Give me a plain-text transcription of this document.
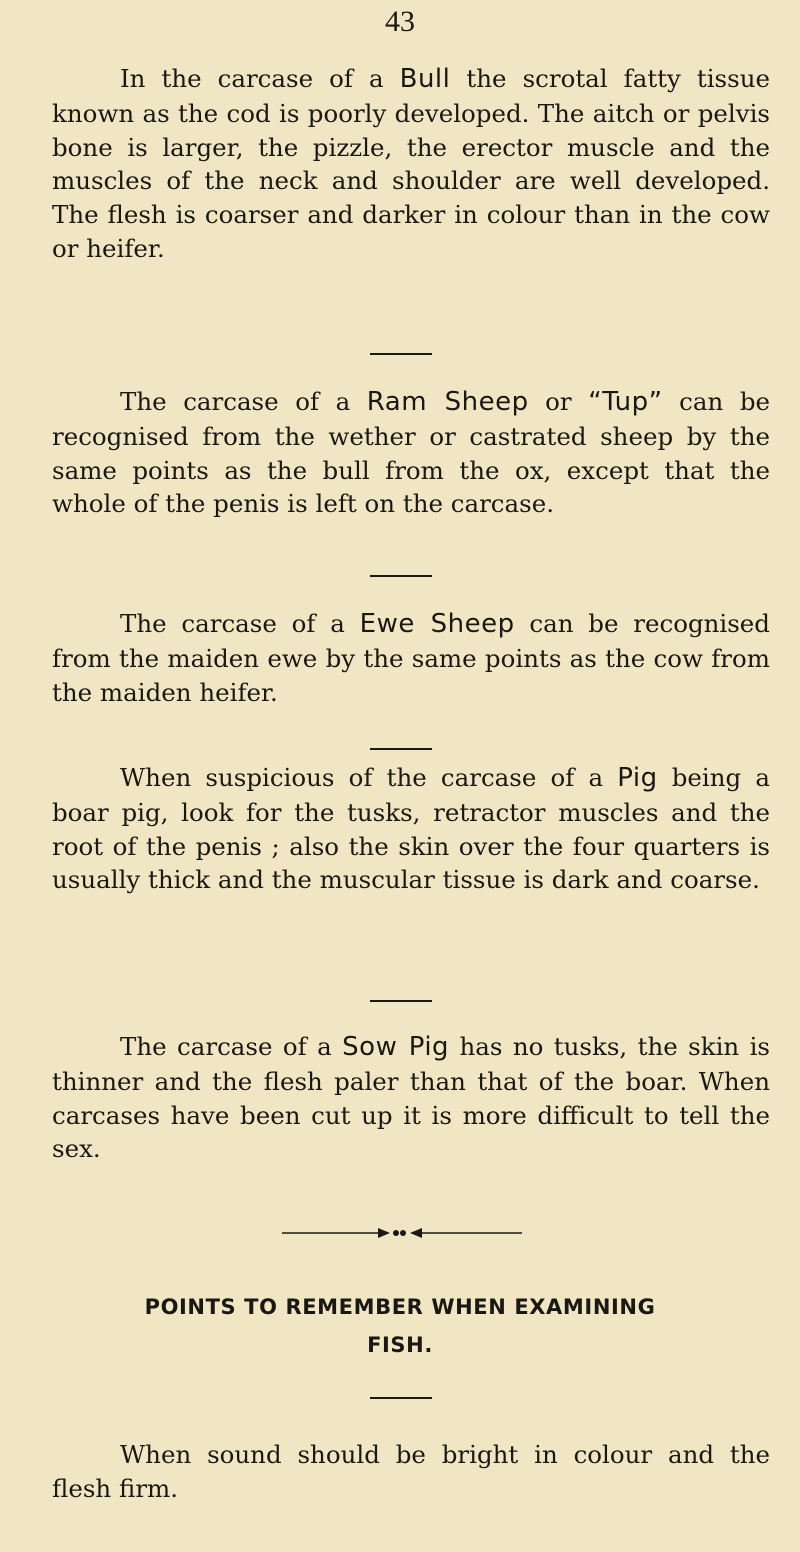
43

In the carcase of a Bull the scrotal fatty tissue known as the cod is poorly developed. The aitch or pelvis bone is larger, the pizzle, the erector muscle and the muscles of the neck and shoulder are well developed. The flesh is coarser and darker in colour than in the cow or heifer.

The carcase of a Ram Sheep or “Tup” can be recognised from the wether or castrated sheep by the same points as the bull from the ox, except that the whole of the penis is left on the carcase.

The carcase of a Ewe Sheep can be recognised from the maiden ewe by the same points as the cow from the maiden heifer.

When suspicious of the carcase of a Pig being a boar pig, look for the tusks, retractor muscles and the root of the penis ; also the skin over the four quarters is usually thick and the muscular tissue is dark and coarse.

The carcase of a Sow Pig has no tusks, the skin is thinner and the flesh paler than that of the boar. When carcases have been cut up it is more difficult to tell the sex.

POINTS TO REMEMBER WHEN EXAMINING
FISH.

When sound should be bright in colour and the flesh firm.
